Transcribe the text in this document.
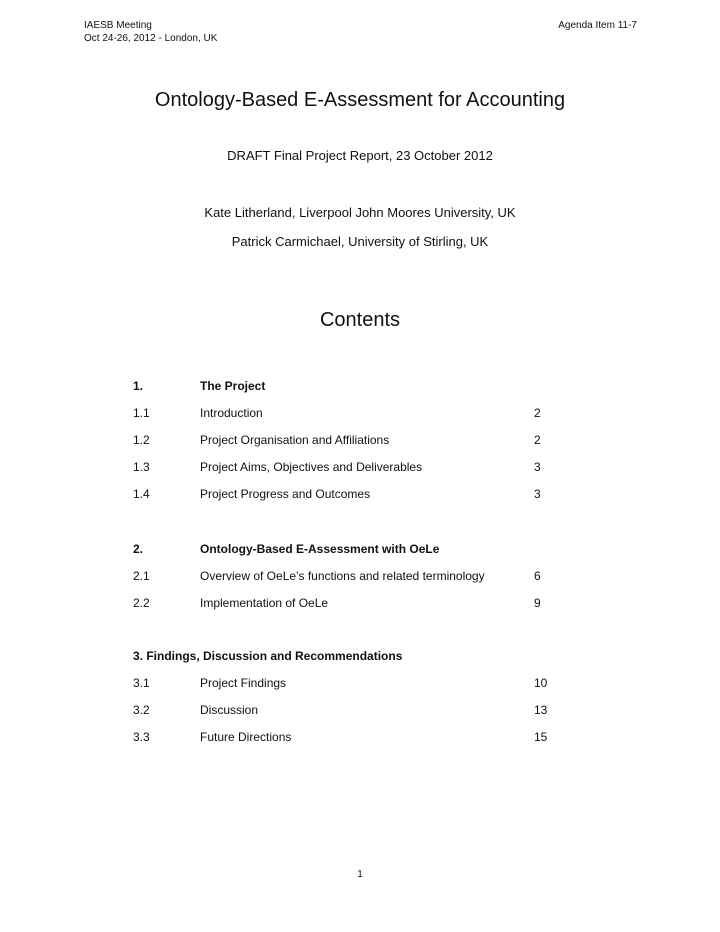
IAESB Meeting
Oct 24-26, 2012 - London, UK
Agenda Item 11-7
Ontology-Based E-Assessment for Accounting
DRAFT Final Project Report, 23 October 2012
Kate Litherland, Liverpool John Moores University, UK
Patrick Carmichael, University of Stirling, UK
Contents
1.	The Project
1.1	Introduction	2
1.2	Project Organisation and Affiliations	2
1.3	Project Aims, Objectives and Deliverables	3
1.4	Project Progress and Outcomes	3
2.	Ontology-Based E-Assessment with OeLe
2.1	Overview of OeLe’s functions and related terminology	6
2.2	Implementation of OeLe	9
3. Findings, Discussion and Recommendations
3.1	Project Findings	10
3.2	Discussion	13
3.3	Future Directions	15
1
